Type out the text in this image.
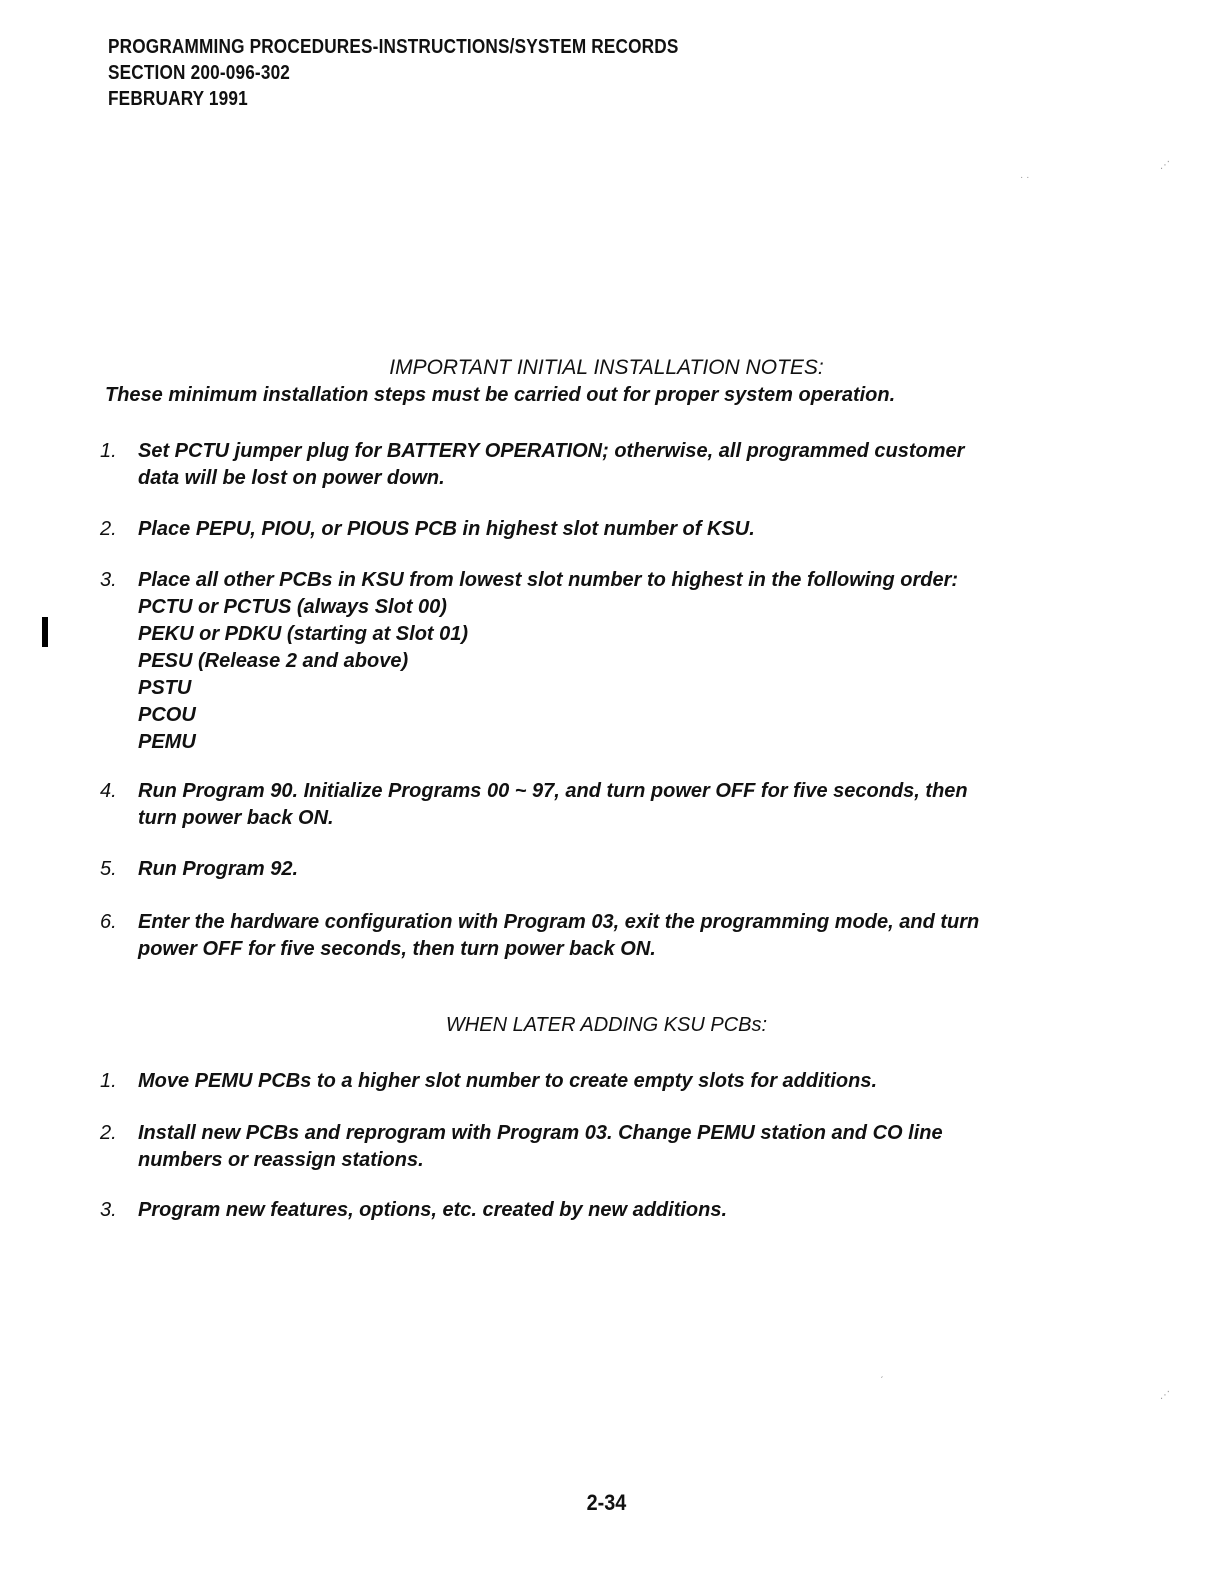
PROGRAMMING PROCEDURES-INSTRUCTIONS/SYSTEM RECORDS
SECTION 200-096-302
FEBRUARY 1991
IMPORTANT INITIAL INSTALLATION NOTES:
These minimum installation steps must be carried out for proper system operation.
1. Set PCTU jumper plug for BATTERY OPERATION; otherwise, all programmed customer
data will be lost on power down.
2. Place PEPU, PIOU, or PIOUS PCB in highest slot number of KSU.
3. Place all other PCBs in KSU from lowest slot number to highest in the following order:
PCTU or PCTUS (always Slot 00)
PEKU or PDKU (starting at Slot 01)
PESU (Release 2 and above)
PSTU
PCOU
PEMU
4. Run Program 90. Initialize Programs 00 ~ 97, and turn power OFF for five seconds, then
turn power back ON.
5. Run Program 92.
6. Enter the hardware configuration with Program 03, exit the programming mode, and turn
power OFF for five seconds, then turn power back ON.
WHEN LATER ADDING KSU PCBs:
1. Move PEMU PCBs to a higher slot number to create empty slots for additions.
2. Install new PCBs and reprogram with Program 03. Change PEMU station and CO line
numbers or reassign stations.
3. Program new features, options, etc. created by new additions.
⋰
· ·
⋰
ˏ
2-34
